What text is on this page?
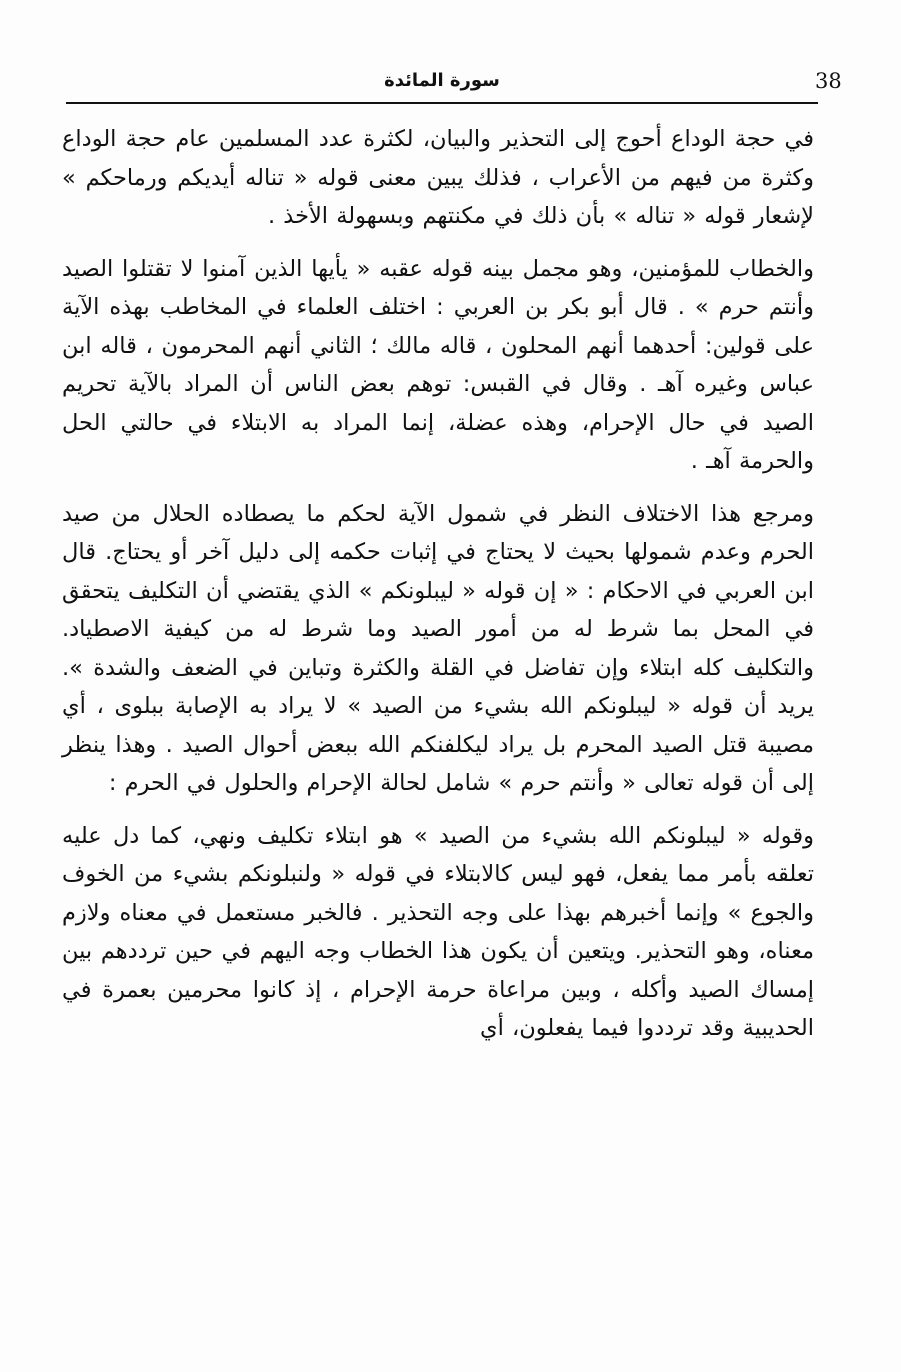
38
سورة المائدة

في حجة الوداع أحوج إلى التحذير والبيان، لكثرة عدد المسلمين عام حجة الوداع وكثرة من فيهم من الأعراب ، فذلك يبين معنى قوله « تناله أيديكم ورماحكم » لإشعار قوله « تناله » بأن ذلك في مكنتهم وبسهولة الأخذ .

والخطاب للمؤمنين، وهو مجمل بينه قوله عقبه « يأيها الذين آمنوا لا تقتلوا الصيد وأنتم حرم » . قال أبو بكر بن العربي : اختلف العلماء في المخاطب بهذه الآية على قولين: أحدهما أنهم المحلون ، قاله مالك ؛ الثاني أنهم المحرمون ، قاله ابن عباس وغيره آهـ . وقال في القبس: توهم بعض الناس أن المراد بالآية تحريم الصيد في حال الإحرام، وهذه عضلة، إنما المراد به الابتلاء في حالتي الحل والحرمة آهـ .

ومرجع هذا الاختلاف النظر في شمول الآية لحكم ما يصطاده الحلال من صيد الحرم وعدم شمولها بحيث لا يحتاج في إثبات حكمه إلى دليل آخر أو يحتاج. قال ابن العربي في الاحكام : « إن قوله « ليبلونكم » الذي يقتضي أن التكليف يتحقق في المحل بما شرط له من أمور الصيد وما شرط له من كيفية الاصطياد. والتكليف كله ابتلاء وإن تفاضل في القلة والكثرة وتباين في الضعف والشدة ». يريد أن قوله « ليبلونكم الله بشيء من الصيد » لا يراد به الإصابة ببلوى ، أي مصيبة قتل الصيد المحرم بل يراد ليكلفنكم الله ببعض أحوال الصيد . وهذا ينظر إلى أن قوله تعالى « وأنتم حرم » شامل لحالة الإحرام والحلول في الحرم :

وقوله « ليبلونكم الله بشيء من الصيد » هو ابتلاء تكليف ونهي، كما دل عليه تعلقه بأمر مما يفعل، فهو ليس كالابتلاء في قوله « ولنبلونكم بشيء من الخوف والجوع » وإنما أخبرهم بهذا على وجه التحذير . فالخبر مستعمل في معناه ولازم معناه، وهو التحذير. ويتعين أن يكون هذا الخطاب وجه اليهم في حين ترددهم بين إمساك الصيد وأكله ، وبين مراعاة حرمة الإحرام ، إذ كانوا محرمين بعمرة في الحديبية وقد ترددوا فيما يفعلون، أي
